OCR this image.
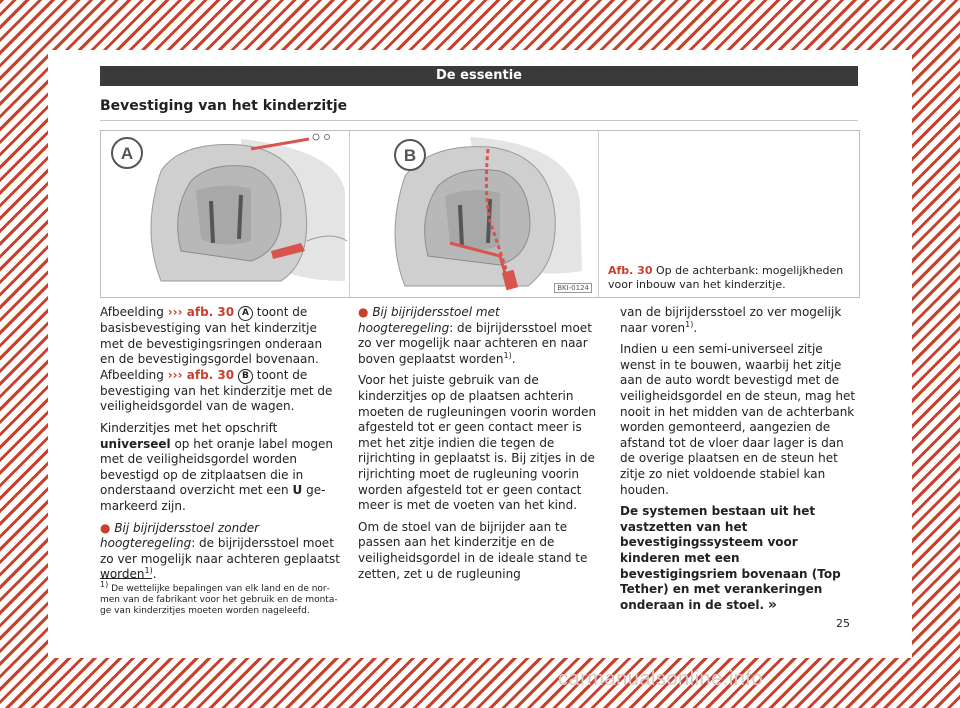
De essentie
Bevestiging van het kinderzitje
A	B
BKI-0124
Afb. 30 Op de achterbank: mogelijkheden voor inbouw van het kinderzitje.

Afbeelding ››› afb. 30 A toont de basisbevestiging van het kinderzitje met de bevestigingsringen onderaan en de bevestigingsgordel bovenaan. Afbeelding ››› afb. 30 B toont de bevestiging van het kinderzitje met de veiligheidsgordel van de wagen.

Kinderzitjes met het opschrift universeel op het oranje label mogen met de veiligheidsgordel worden bevestigd op de zitplaatsen die in onderstaand overzicht met een U gemarkeerd zijn.

● Bij bijrijdersstoel zonder hoogteregeling: de bijrijdersstoel moet zo ver mogelijk naar achteren geplaatst worden$^{1)}$.

● Bij bijrijdersstoel met hoogteregeling: de bijrijdersstoel moet zo ver mogelijk naar achteren en naar boven geplaatst worden$^{1)}$.

Voor het juiste gebruik van de kinderzitjes op de plaatsen achterin moeten de rugleuningen voorin worden afgesteld tot er geen contact meer is met het zitje indien die tegen de rijrichting in geplaatst is. Bij zitjes in de rijrichting moet de rugleuning voorin worden afgesteld tot er geen contact meer is met de voeten van het kind.

Om de stoel van de bijrijder aan te passen aan het kinderzitje en de veiligheidsgordel in de ideale stand te zetten, zet u de rugleuning

van de bijrijdersstoel zo ver mogelijk naar voren$^{1)}$.

Indien u een semi-universeel zitje wenst in te bouwen, waarbij het zitje aan de auto wordt bevestigd met de veiligheidsgordel en de steun, mag het nooit in het midden van de achterbank worden gemonteerd, aangezien de afstand tot de vloer daar lager is dan de overige plaatsen en de steun het zitje zo niet voldoende stabiel kan houden.

De systemen bestaan uit het vastzetten van het bevestigingssysteem voor kinderen met een bevestigingsriem bovenaan (Top Tether) en met verankeringen onderaan in de stoel. »

$^{1)}$ De wettelijke bepalingen van elk land en de normen van de fabrikant voor het gebruik en de montage van kinderzitjes moeten worden nageleefd.
25
carmanualsonline.info
